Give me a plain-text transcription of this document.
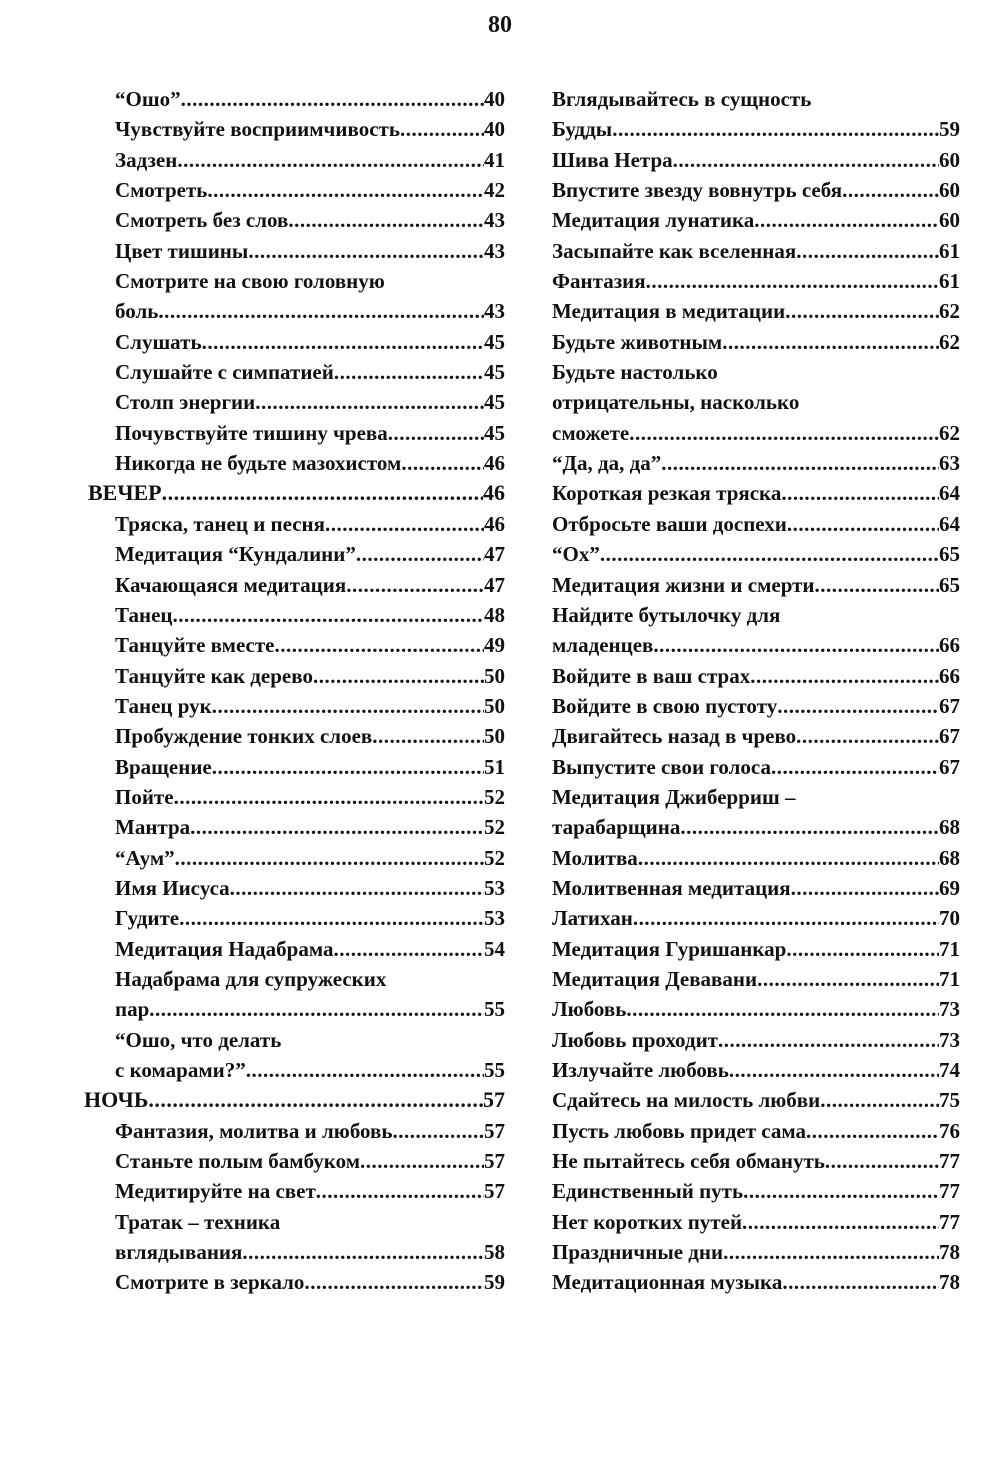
80
“Ошо” .....	40
Чувствуйте восприимчивость .....	40
Задзен .....	41
Смотреть .....	42
Смотреть без слов .....	43
Цвет тишины .....	43
Смотрите на свою головную
боль .....	43
Слушать .....	45
Слушайте с симпатией .....	45
Столп энергии .....	45
Почувствуйте тишину чрева .....	45
Никогда не будьте мазохистом .....	46
ВЕЧЕР .....	46
Тряска, танец и песня .....	46
Медитация “Кундалини” .....	47
Качающаяся медитация .....	47
Танец .....	48
Танцуйте вместе .....	49
Танцуйте как дерево .....	50
Танец рук .....	50
Пробуждение тонких слоев .....	50
Вращение .....	51
Пойте .....	52
Мантра .....	52
“Аум” .....	52
Имя Иисуса .....	53
Гудите .....	53
Медитация Надабрама .....	54
Надабрама для супружеских
пар .....	55
“Ошо, что делать
с комарами?” .....	55
НОЧЬ .....	57
Фантазия, молитва и любовь .....	57
Станьте полым бамбуком .....	57
Медитируйте на свет .....	57
Тратак – техника
вглядывания .....	58
Смотрите в зеркало .....	59
Вглядывайтесь в сущность
Будды .....	59
Шива Нетра .....	60
Впустите звезду вовнутрь себя .....	60
Медитация лунатика .....	60
Засыпайте как вселенная .....	61
Фантазия .....	61
Медитация в медитации .....	62
Будьте животным .....	62
Будьте настолько
отрицательны, насколько
сможете .....	62
“Да, да, да” .....	63
Короткая резкая тряска .....	64
Отбросьте ваши доспехи .....	64
“Ох” .....	65
Медитация жизни и смерти .....	65
Найдите бутылочку для
младенцев .....	66
Войдите в ваш страх .....	66
Войдите в свою пустоту .....	67
Двигайтесь назад в чрево .....	67
Выпустите свои голоса .....	67
Медитация Джиберриш –
тарабарщина .....	68
Молитва .....	68
Молитвенная медитация .....	69
Латихан .....	70
Медитация Гуришанкар .....	71
Медитация Девавани .....	71
Любовь .....	73
Любовь проходит .....	73
Излучайте любовь .....	74
Сдайтесь на милость любви .....	75
Пусть любовь придет сама .....	76
Не пытайтесь себя обмануть .....	77
Единственный путь .....	77
Нет коротких путей .....	77
Праздничные дни .....	78
Медитационная музыка .....	78
